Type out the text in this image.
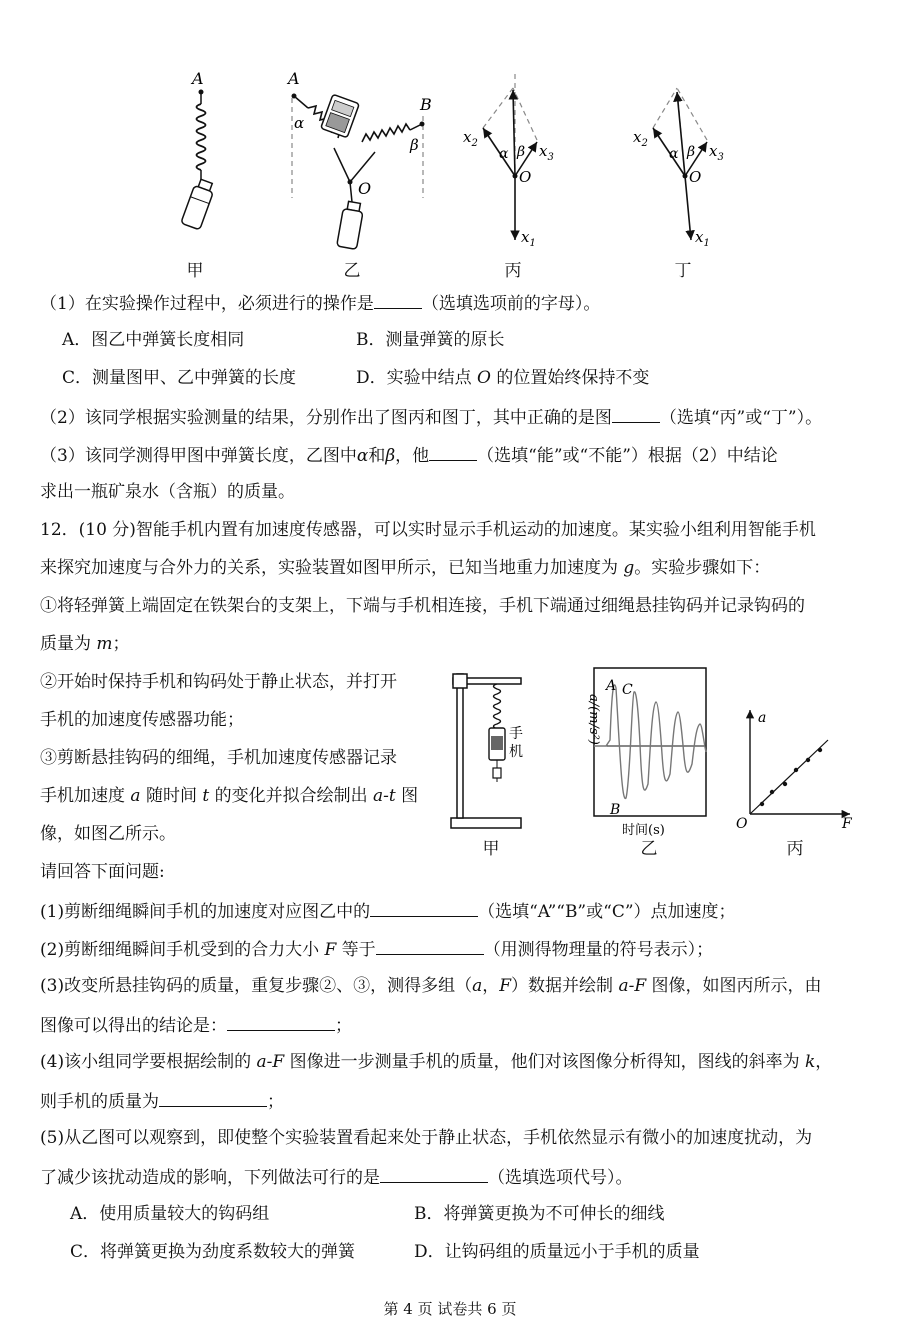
A	A
B
α
β
O
$x_2$	$x_3$
α β
O
$x_1$
$x_2$	$x_3$
α β
O
$x_1$
甲	乙	丙	丁
（1）在实验操作过程中，必须进行的操作是	（选填选项前的字母）。
A．图乙中弹簧长度相同	B．测量弹簧的原长
C．测量图甲、乙中弹簧的长度	D．实验中结点 O 的位置始终保持不变
（2）该同学根据实验测量的结果，分别作出了图丙和图丁，其中正确的是图	（选填“丙”或“丁”）。
（3）该同学测得甲图中弹簧长度，乙图中α和β，他	（选填“能”或“不能”）根据（2）中结论
求出一瓶矿泉水（含瓶）的质量。
12．(10 分)智能手机内置有加速度传感器，可以实时显示手机运动的加速度。某实验小组利用智能手机
来探究加速度与合外力的关系，实验装置如图甲所示，已知当地重力加速度为 g。实验步骤如下：
①将轻弹簧上端固定在铁架台的支架上，下端与手机相连接，手机下端通过细绳悬挂钩码并记录钩码的
质量为 m；
②开始时保持手机和钩码处于静止状态，并打开
手机的加速度传感器功能；
③剪断悬挂钩码的细绳，手机加速度传感器记录
手机加速度 a 随时间 t 的变化并拟合绘制出 a-t 图
像，如图乙所示。
手
机
A C
B
a/(m/s²)
时间(s)
a
F
O
甲	乙	丙
请回答下面问题:
(1)剪断细绳瞬间手机的加速度对应图乙中的	（选填“A”“B”或“C”）点加速度；
(2)剪断细绳瞬间手机受到的合力大小 F 等于	（用测得物理量的符号表示）；
(3)改变所悬挂钩码的质量，重复步骤②、③，测得多组（a，F）数据并绘制 a-F 图像，如图丙所示，由
图像可以得出的结论是：	；
(4)该小组同学要根据绘制的 a-F 图像进一步测量手机的质量，他们对该图像分析得知，图线的斜率为 k，
则手机的质量为	；
(5)从乙图可以观察到，即使整个实验装置看起来处于静止状态，手机依然显示有微小的加速度扰动，为
了减少该扰动造成的影响，下列做法可行的是	（选填选项代号）。
A．使用质量较大的钩码组	B．将弹簧更换为不可伸长的细线
C．将弹簧更换为劲度系数较大的弹簧	D．让钩码组的质量远小于手机的质量
第 4 页 试卷共 6 页
